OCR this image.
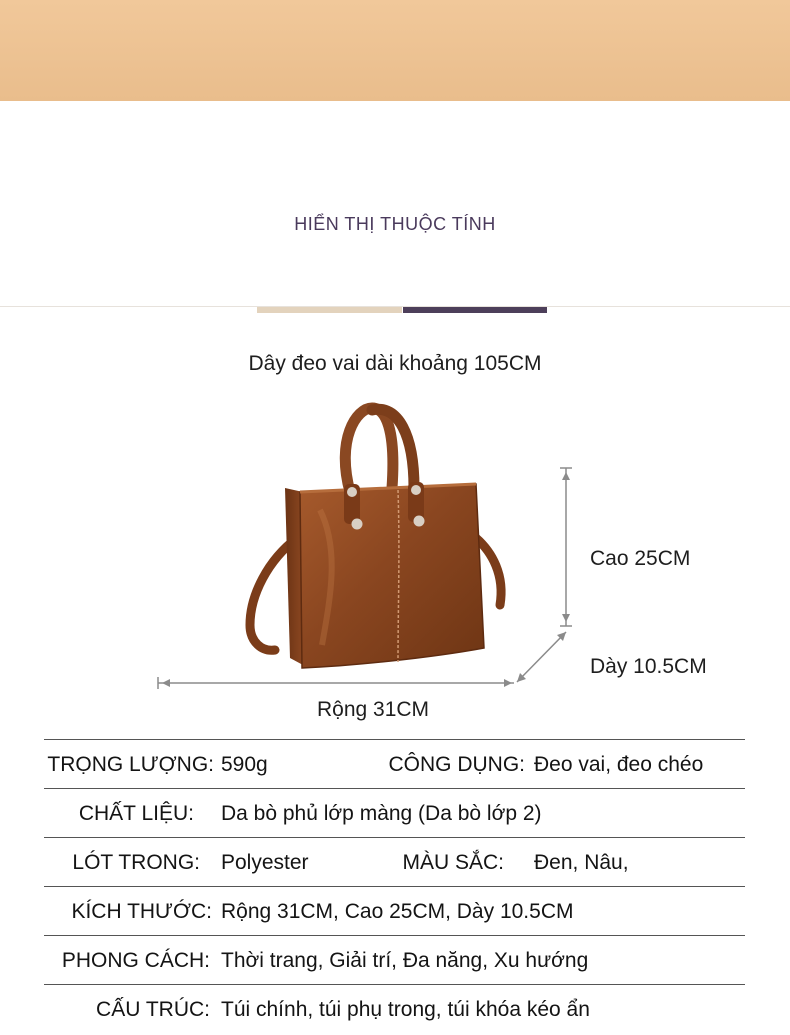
HIỂN THỊ THUỘC TÍNH
Dây đeo vai dài khoảng 105CM
Cao 25CM
Dày 10.5CM
Rộng 31CM
TRỌNG LƯỢNG: 590g	CÔNG DỤNG: Đeo vai, đeo chéo
CHẤT LIỆU: Da bò phủ lớp màng (Da bò lớp 2)
LÓT TRONG: Polyester	MÀU SẮC: Đen, Nâu,
KÍCH THƯỚC: Rộng 31CM, Cao 25CM, Dày 10.5CM
PHONG CÁCH: Thời trang, Giải trí, Đa năng, Xu hướng
CẤU TRÚC: Túi chính, túi phụ trong, túi khóa kéo ẩn
